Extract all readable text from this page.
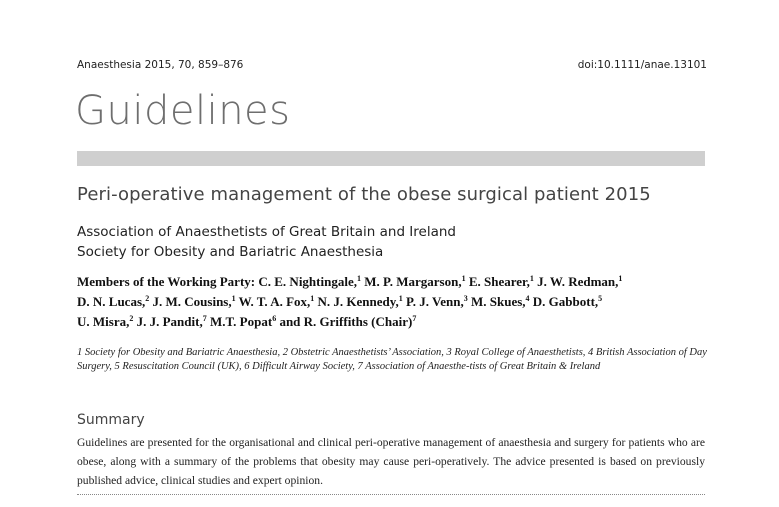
Anaesthesia 2015, 70, 859–876	doi:10.1111/anae.13101
Guidelines
Peri-operative management of the obese surgical patient 2015
Association of Anaesthetists of Great Britain and Ireland
Society for Obesity and Bariatric Anaesthesia
Members of the Working Party: C. E. Nightingale,$^1$ M. P. Margarson,$^1$ E. Shearer,$^1$ J. W. Redman,$^1$
D. N. Lucas,$^2$ J. M. Cousins,$^1$ W. T. A. Fox,$^1$ N. J. Kennedy,$^1$ P. J. Venn,$^3$ M. Skues,$^4$ D. Gabbott,$^5$
U. Misra,$^2$ J. J. Pandit,$^7$ M.T. Popat$^6$ and R. Griffiths (Chair)$^7$
1 Society for Obesity and Bariatric Anaesthesia, 2 Obstetric Anaesthetists’ Association, 3 Royal College of Anaesthetists, 4 British Association of Day Surgery, 5 Resuscitation Council (UK), 6 Difficult Airway Society, 7 Association of Anaesthe-tists of Great Britain & Ireland
Summary
Guidelines are presented for the organisational and clinical peri-operative management of anaesthesia and surgery for patients who are obese, along with a summary of the problems that obesity may cause peri-operatively. The advice presented is based on previously published advice, clinical studies and expert opinion.
